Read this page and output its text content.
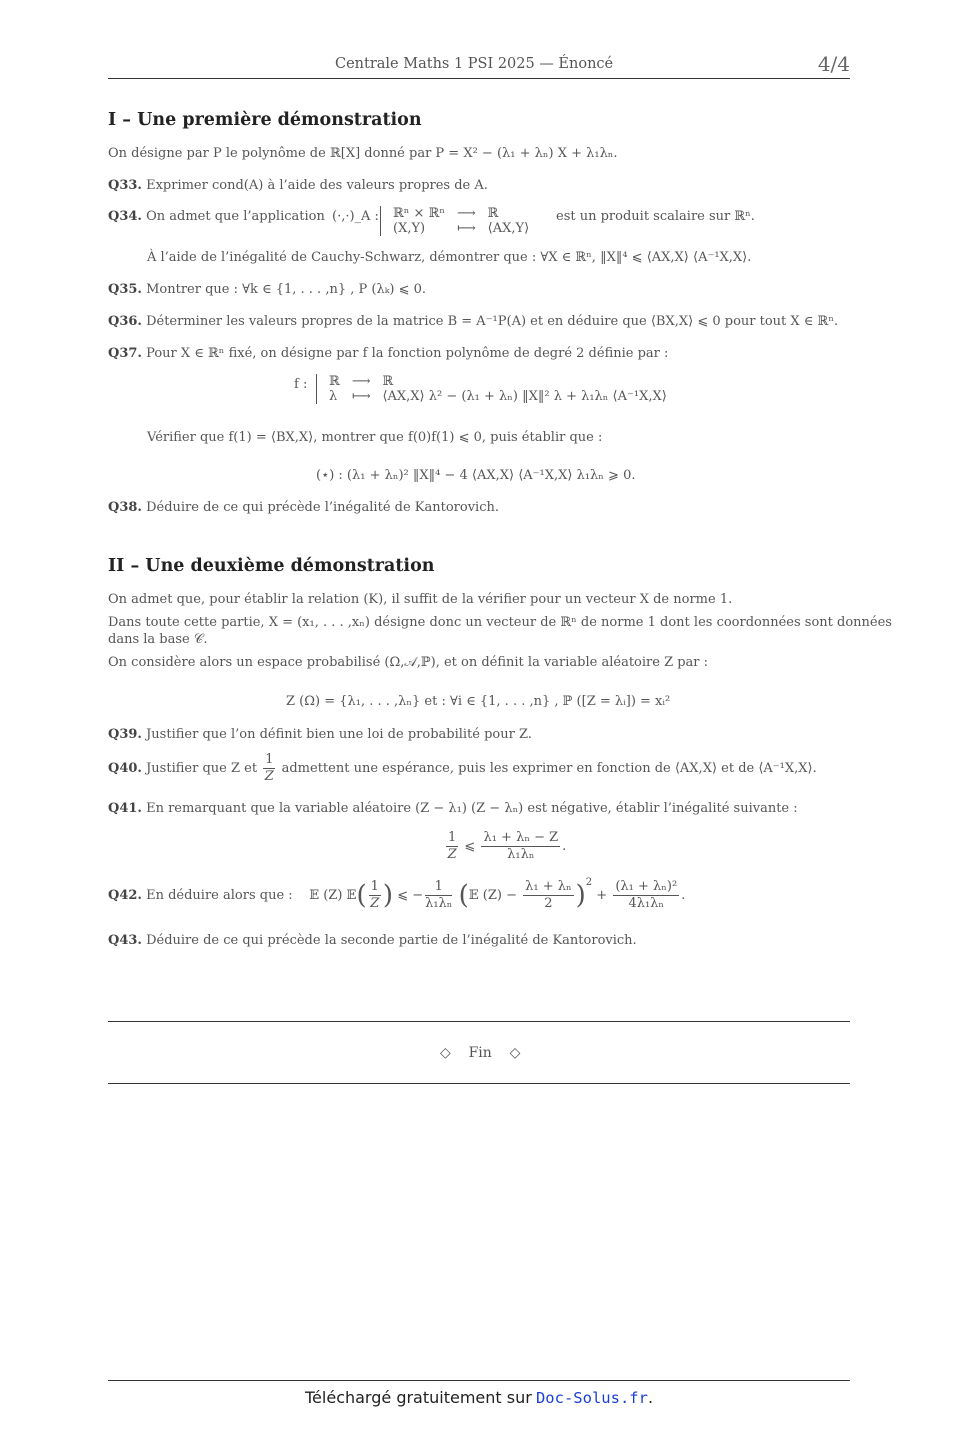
Centrale Maths 1 PSI 2025 — Énoncé	4/4
I – Une première démonstration
On désigne par P le polynôme de ℝ[X] donné par P = X² − (λ₁ + λₙ) X + λ₁λₙ.
Q33. Exprimer cond(A) à l’aide des valeurs propres de A.
Q34. On admet que l’application (·,·)_A : ℝⁿ × ℝⁿ	⟶	ℝ
(X,Y)	⟼	⟨AX,Y⟩
est un produit scalaire sur ℝⁿ.
À l’aide de l’inégalité de Cauchy-Schwarz, démontrer que : ∀X ∈ ℝⁿ, ‖X‖⁴ ⩽ ⟨AX,X⟩ ⟨A⁻¹X,X⟩.
Q35. Montrer que : ∀k ∈ {1, . . . ,n} , P (λₖ) ⩽ 0.
Q36. Déterminer les valeurs propres de la matrice B = A⁻¹P(A) et en déduire que ⟨BX,X⟩ ⩽ 0 pour tout X ∈ ℝⁿ.
Q37. Pour X ∈ ℝⁿ fixé, on désigne par f la fonction polynôme de degré 2 définie par :
f : ℝ	⟶	ℝ
λ	⟼	⟨AX,X⟩ λ² − (λ₁ + λₙ) ‖X‖² λ + λ₁λₙ ⟨A⁻¹X,X⟩
Vérifier que f(1) = ⟨BX,X⟩, montrer que f(0)f(1) ⩽ 0, puis établir que :
(⋆) : (λ₁ + λₙ)² ‖X‖⁴ − 4 ⟨AX,X⟩ ⟨A⁻¹X,X⟩ λ₁λₙ ⩾ 0.
Q38. Déduire de ce qui précède l’inégalité de Kantorovich.
II – Une deuxième démonstration
On admet que, pour établir la relation (K), il suffit de la vérifier pour un vecteur X de norme 1.
Dans toute cette partie, X = (x₁, . . . ,xₙ) désigne donc un vecteur de ℝⁿ de norme 1 dont les coordonnées sont données
dans la base 𝒞.
On considère alors un espace probabilisé (Ω,𝒜,ℙ), et on définit la variable aléatoire Z par :
Z (Ω) = {λ₁, . . . ,λₙ} et : ∀i ∈ {1, . . . ,n} , ℙ ([Z = λᵢ]) = xᵢ²
Q39. Justifier que l’on définit bien une loi de probabilité pour Z.
Q40. Justifier que Z et $\frac{1}{Z}$ admettent une espérance, puis les exprimer en fonction de ⟨AX,X⟩ et de ⟨A⁻¹X,X⟩.
Q41. En remarquant que la variable aléatoire (Z − λ₁) (Z − λₙ) est négative, établir l’inégalité suivante :
$\frac{1}{Z}$ ⩽ $\frac{\text{λ₁ + λₙ − Z}}{\text{λ₁λₙ}}$ .
Q42. En déduire alors que : 𝔼 (Z) 𝔼( $\frac{1}{Z}$ ) ⩽ − $\frac{1}{\text{λ₁λₙ}}$ (𝔼 $(Z) - \frac{\text{λ₁ + λₙ}}{2} )^2 + \frac{\text{(λ₁ + λₙ)²}}{\text{4λ₁λₙ}}$ .
Q43. Déduire de ce qui précède la seconde partie de l’inégalité de Kantorovich.
◇ Fin ◇
Téléchargé gratuitement sur Doc-Solus.fr.
